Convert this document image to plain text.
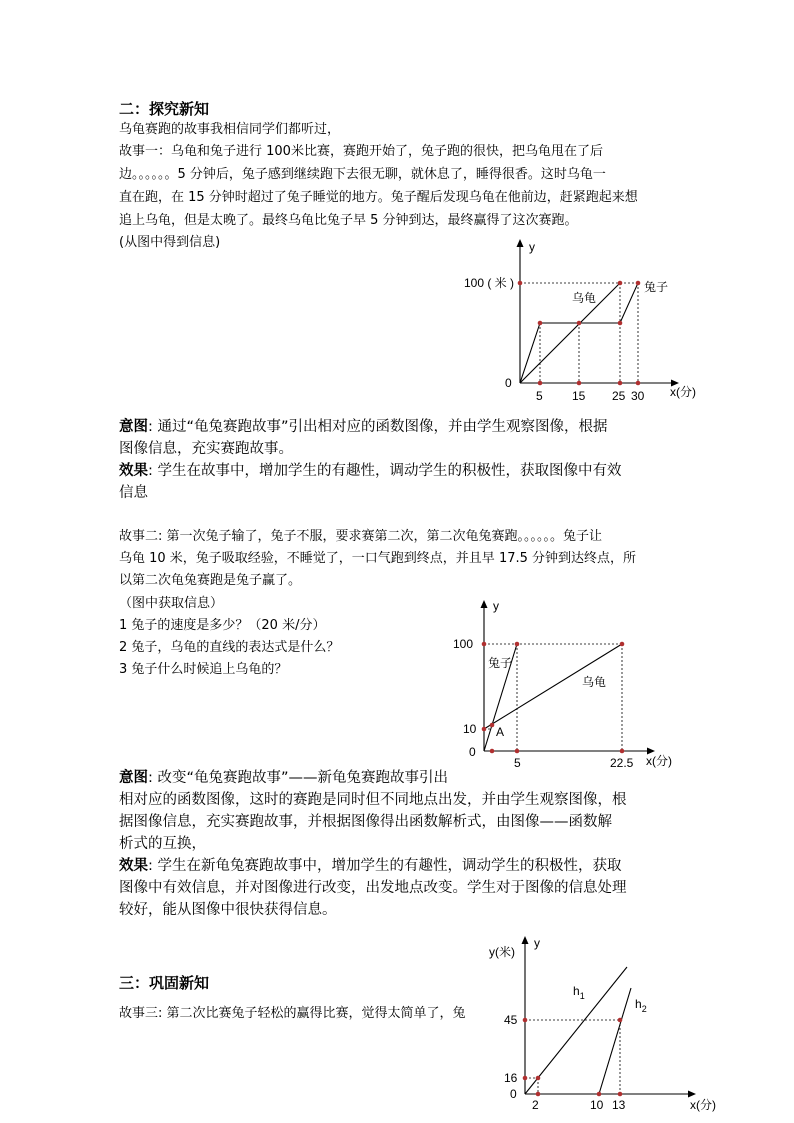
二：探究新知
乌龟赛跑的故事我相信同学们都听过，
故事一：乌龟和兔子进行 100米比赛，赛跑开始了，兔子跑的很快，把乌龟甩在了后
边。。。。。。5 分钟后，兔子感到继续跑下去很无聊，就休息了，睡得很香。这时乌龟一
直在跑，在 15 分钟时超过了兔子睡觉的地方。兔子醒后发现乌龟在他前边，赶紧跑起来想
追上乌龟，但是太晚了。最终乌龟比兔子早 5 分钟到达，最终赢得了这次赛跑。
(从图中得到信息)	y
100 ( 米 )
0
5 15 25 30 x(分)
乌龟
兔子
意图: 通过“龟兔赛跑故事”引出相对应的函数图像，并由学生观察图像，根据
图像信息，充实赛跑故事。
效果: 学生在故事中，增加学生的有趣性，调动学生的积极性，获取图像中有效
信息
故事二: 第一次兔子输了，兔子不服，要求赛第二次，第二次龟兔赛跑。。。。。。兔子让
乌龟 10 米，兔子吸取经验，不睡觉了，一口气跑到终点，并且早 17.5 分钟到达终点，所
以第二次龟兔赛跑是兔子赢了。
（图中获取信息）
1 兔子的速度是多少？（20 米/分）
2 兔子，乌龟的直线的表达式是什么？
3 兔子什么时候追上乌龟的？
y
100
10
0
5	22.5 x(分)
兔子
乌龟
A
意图: 改变“龟兔赛跑故事”——新龟兔赛跑故事引出
相对应的函数图像，这时的赛跑是同时但不同地点出发，并由学生观察图像，根
据图像信息，充实赛跑故事，并根据图像得出函数解析式，由图像——函数解
析式的互换，
效果: 学生在新龟兔赛跑故事中，增加学生的有趣性，调动学生的积极性，获取
图像中有效信息，并对图像进行改变，出发地点改变。学生对于图像的信息处理
较好，能从图像中很快获得信息。
三：巩固新知
故事三: 第二次比赛兔子轻松的赢得比赛，觉得太简单了，兔
y(米)
y
45
16
0
2	10 13	x(分)
$h_1$
$h_2$
